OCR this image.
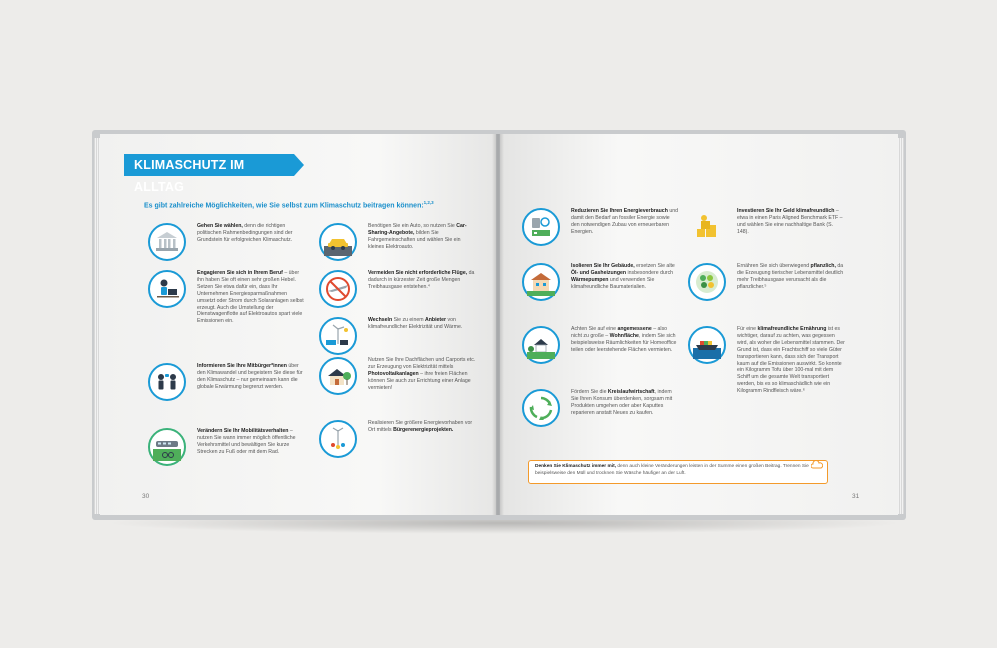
KLIMASCHUTZ IM ALLTAG
Es gibt zahlreiche Möglichkeiten, wie Sie selbst zum Klimaschutz beitragen können:$^{1,2,3}$
Gehen Sie wählen, denn die richtigen politischen Rahmenbedingungen sind der Grundstein für erfolgreichen Klimaschutz.
Engagieren Sie sich in Ihrem Beruf – über ihn haben Sie oft einen sehr großen Hebel. Setzen Sie etwa dafür ein, dass Ihr Unternehmen Energiesparmaßnahmen umsetzt oder Strom durch Solaranlagen selbst erzeugt. Auch die Umstellung der Dienstwagenflotte auf Elektroautos spart viele Emissionen ein.
Informieren Sie Ihre Mitbürger*innen über den Klimawandel und begeistern Sie diese für den Klimaschutz – nur gemeinsam kann die globale Erwärmung begrenzt werden.
Verändern Sie Ihr Mobilitätsverhalten – nutzen Sie wann immer möglich öffentliche Verkehrsmittel und bewältigen Sie kurze Strecken zu Fuß oder mit dem Rad.
Benötigen Sie ein Auto, so nutzen Sie Car-Sharing-Angebote, bilden Sie Fahrgemeinschaften und wählen Sie ein kleines Elektroauto.
Vermeiden Sie nicht erforderliche Flüge, da dadurch in kürzester Zeit große Mengen Treibhausgase entstehen.⁴
Wechseln Sie zu einem Anbieter von klimafreundlicher Elektrizität und Wärme.
Nutzen Sie Ihre Dachflächen und Carports etc. zur Erzeugung von Elektrizität mittels Photovoltaikanlagen – ihre freien Flächen können Sie auch zur Errichtung einer Anlage vermieten!
Realisieren Sie größere Energievorhaben vor Ort mittels Bürgerenergieprojekten.
30
Reduzieren Sie Ihren Energieverbrauch und damit den Bedarf an fossiler Energie sowie den notwendigen Zubau von erneuerbaren Energien.
Isolieren Sie Ihr Gebäude, ersetzen Sie alte Öl- und Gasheizungen insbesondere durch Wärmepumpen und verwenden Sie klimafreundliche Baumaterialien.
Achten Sie auf eine angemessene – also nicht zu große – Wohnfläche, indem Sie sich beispielsweise Räumlichkeiten für Homeoffice teilen oder leerstehende Flächen vermieten.
Fördern Sie die Kreislaufwirtschaft, indem Sie Ihren Konsum überdenken, sorgsam mit Produkten umgehen oder aber Kaputtes reparieren anstatt Neues zu kaufen.
Investieren Sie Ihr Geld klimafreundlich – etwa in einen Paris Aligned Benchmark ETF – und wählen Sie eine nachhaltige Bank (S. 148).
Ernähren Sie sich überwiegend pflanzlich, da die Erzeugung tierischer Lebensmittel deutlich mehr Treibhausgase verursacht als die pflanzlicher.⁵
Für eine klimafreundliche Ernährung ist es wichtiger, darauf zu achten, was gegessen wird, als woher die Lebensmittel stammen. Der Grund ist, dass ein Frachtschiff so viele Güter transportieren kann, dass sich der Transport kaum auf die Emissionen auswirkt. So konnte ein Kilogramm Tofu über 100-mal mit dem Schiff um die gesamte Welt transportiert werden, bis es so klimaschädlich wie ein Kilogramm Rindfleisch wäre.⁶
Denken Sie Klimaschutz immer mit, denn auch kleine Veränderungen leisten in der Summe einen großen Beitrag. Trennen Sie beispielsweise den Müll und trocknen Sie Wäsche häufiger an der Luft.
31
